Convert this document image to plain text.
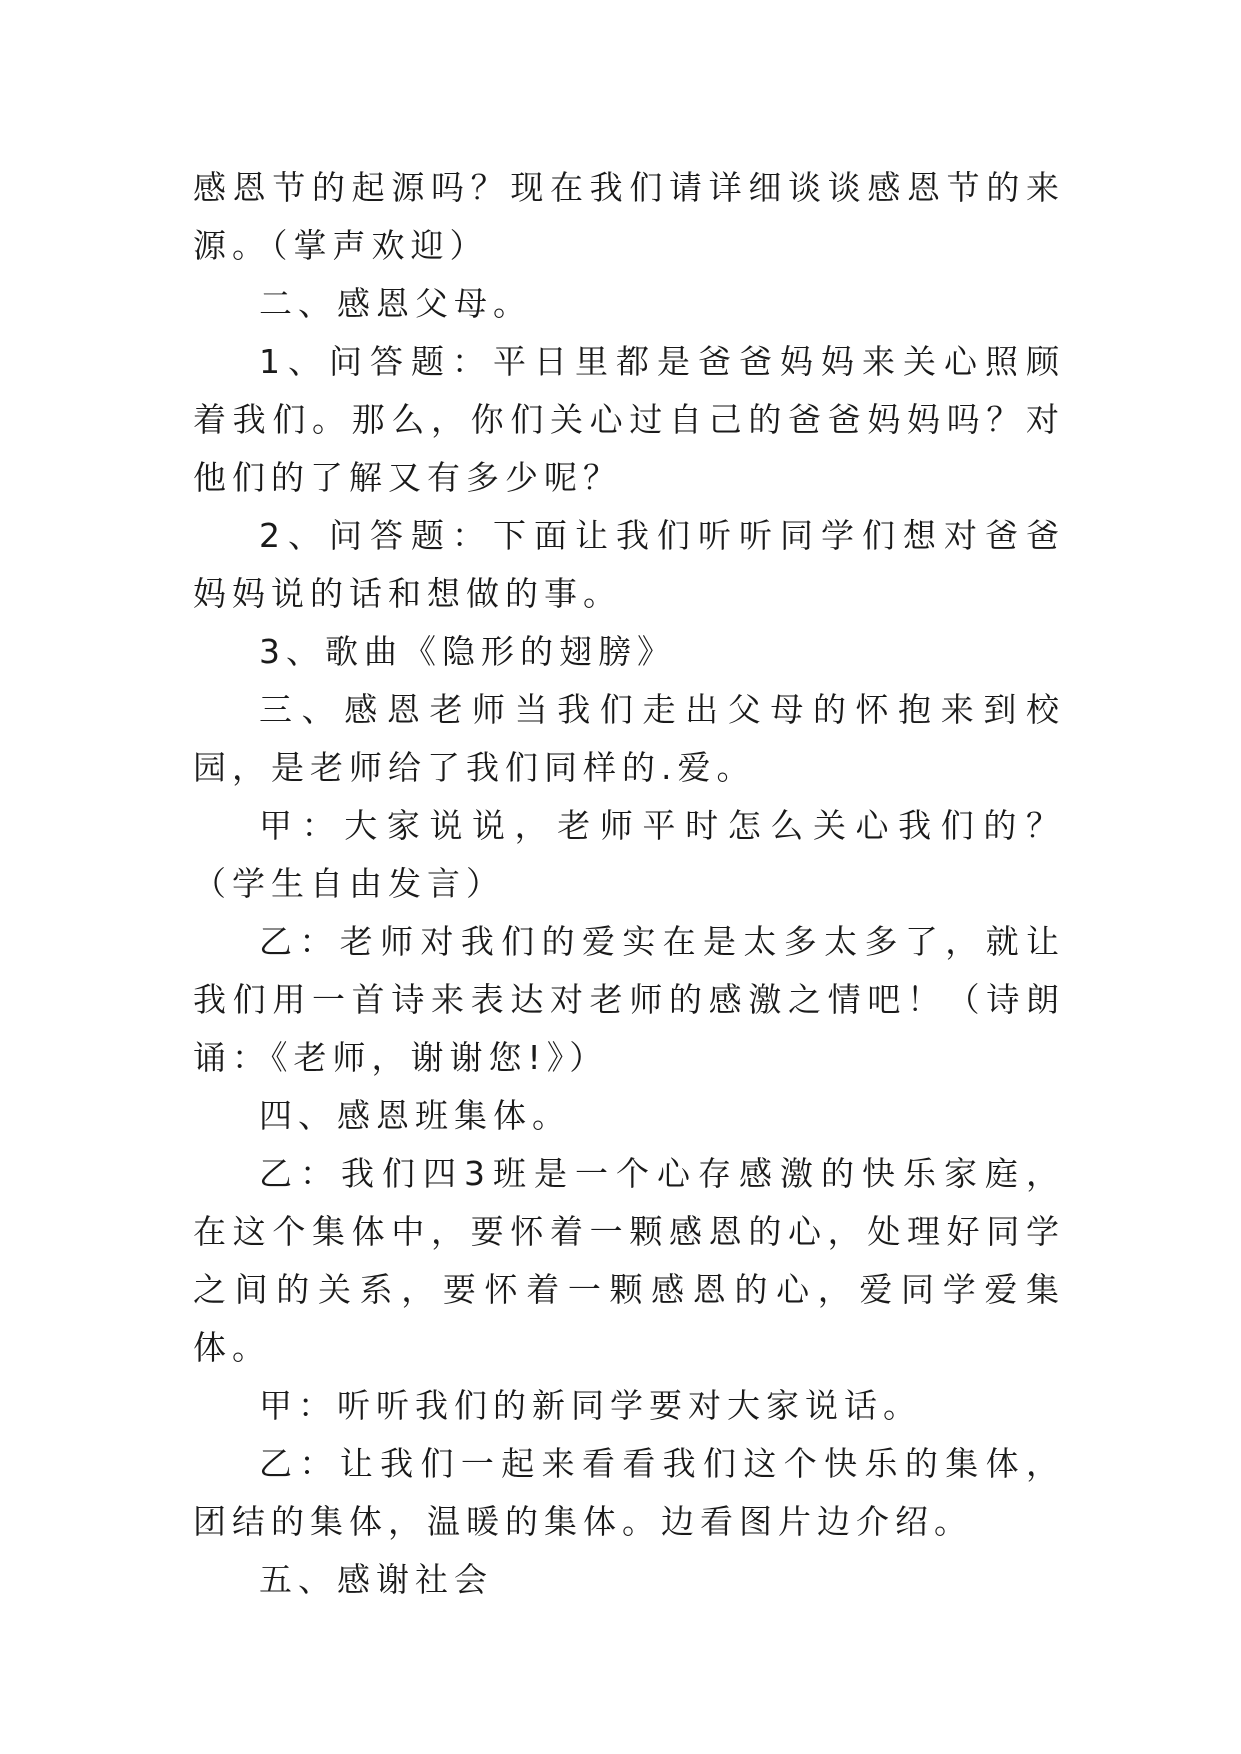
感恩节的起源吗？现在我们请详细谈谈感恩节的来源。（掌声欢迎）

二、感恩父母。

1、问答题：平日里都是爸爸妈妈来关心照顾着我们。那么，你们关心过自己的爸爸妈妈吗？对他们的了解又有多少呢？

2、问答题：下面让我们听听同学们想对爸爸妈妈说的话和想做的事。

3、歌曲《隐形的翅膀》

三、感恩老师当我们走出父母的怀抱来到校园，是老师给了我们同样的.爱。

甲：大家说说，老师平时怎么关心我们的？（学生自由发言）

乙：老师对我们的爱实在是太多太多了，就让我们用一首诗来表达对老师的感激之情吧！（诗朗诵：《老师，谢谢您!》）

四、感恩班集体。

乙：我们四3班是一个心存感激的快乐家庭，在这个集体中，要怀着一颗感恩的心，处理好同学之间的关系，要怀着一颗感恩的心，爱同学爱集体。

甲：听听我们的新同学要对大家说话。

乙：让我们一起来看看我们这个快乐的集体，团结的集体，温暖的集体。边看图片边介绍。

五、感谢社会
